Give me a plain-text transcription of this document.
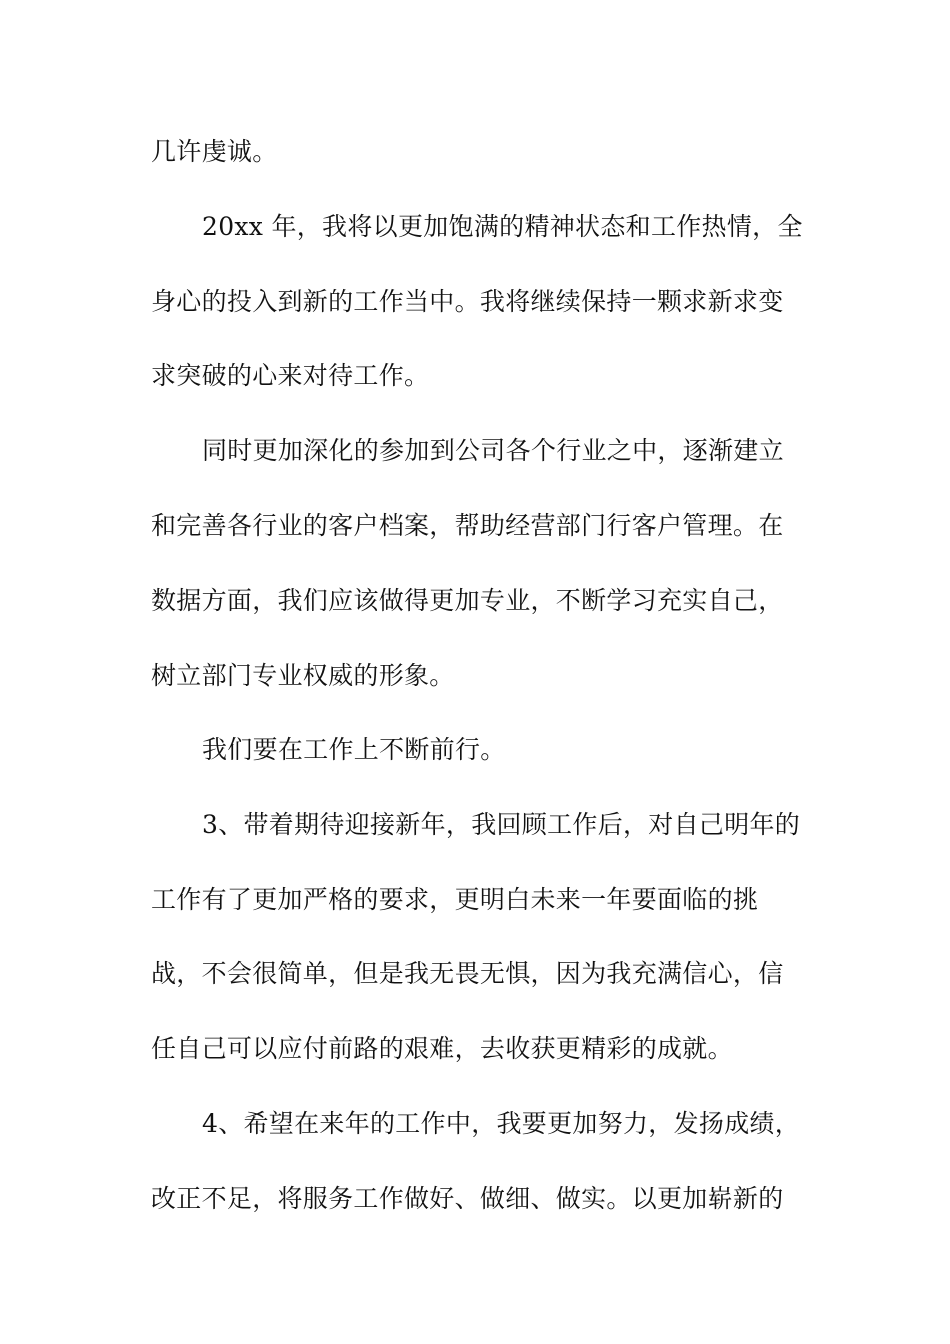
几许虔诚。
20xx 年，我将以更加饱满的精神状态和工作热情，全
身心的投入到新的工作当中。我将继续保持一颗求新求变
求突破的心来对待工作。
同时更加深化的参加到公司各个行业之中，逐渐建立
和完善各行业的客户档案，帮助经营部门行客户管理。在
数据方面，我们应该做得更加专业，不断学习充实自己，
树立部门专业权威的形象。
我们要在工作上不断前行。
3、带着期待迎接新年，我回顾工作后，对自己明年的
工作有了更加严格的要求，更明白未来一年要面临的挑
战，不会很简单，但是我无畏无惧，因为我充满信心，信
任自己可以应付前路的艰难，去收获更精彩的成就。
4、希望在来年的工作中，我要更加努力，发扬成绩，
改正不足，将服务工作做好、做细、做实。以更加崭新的
